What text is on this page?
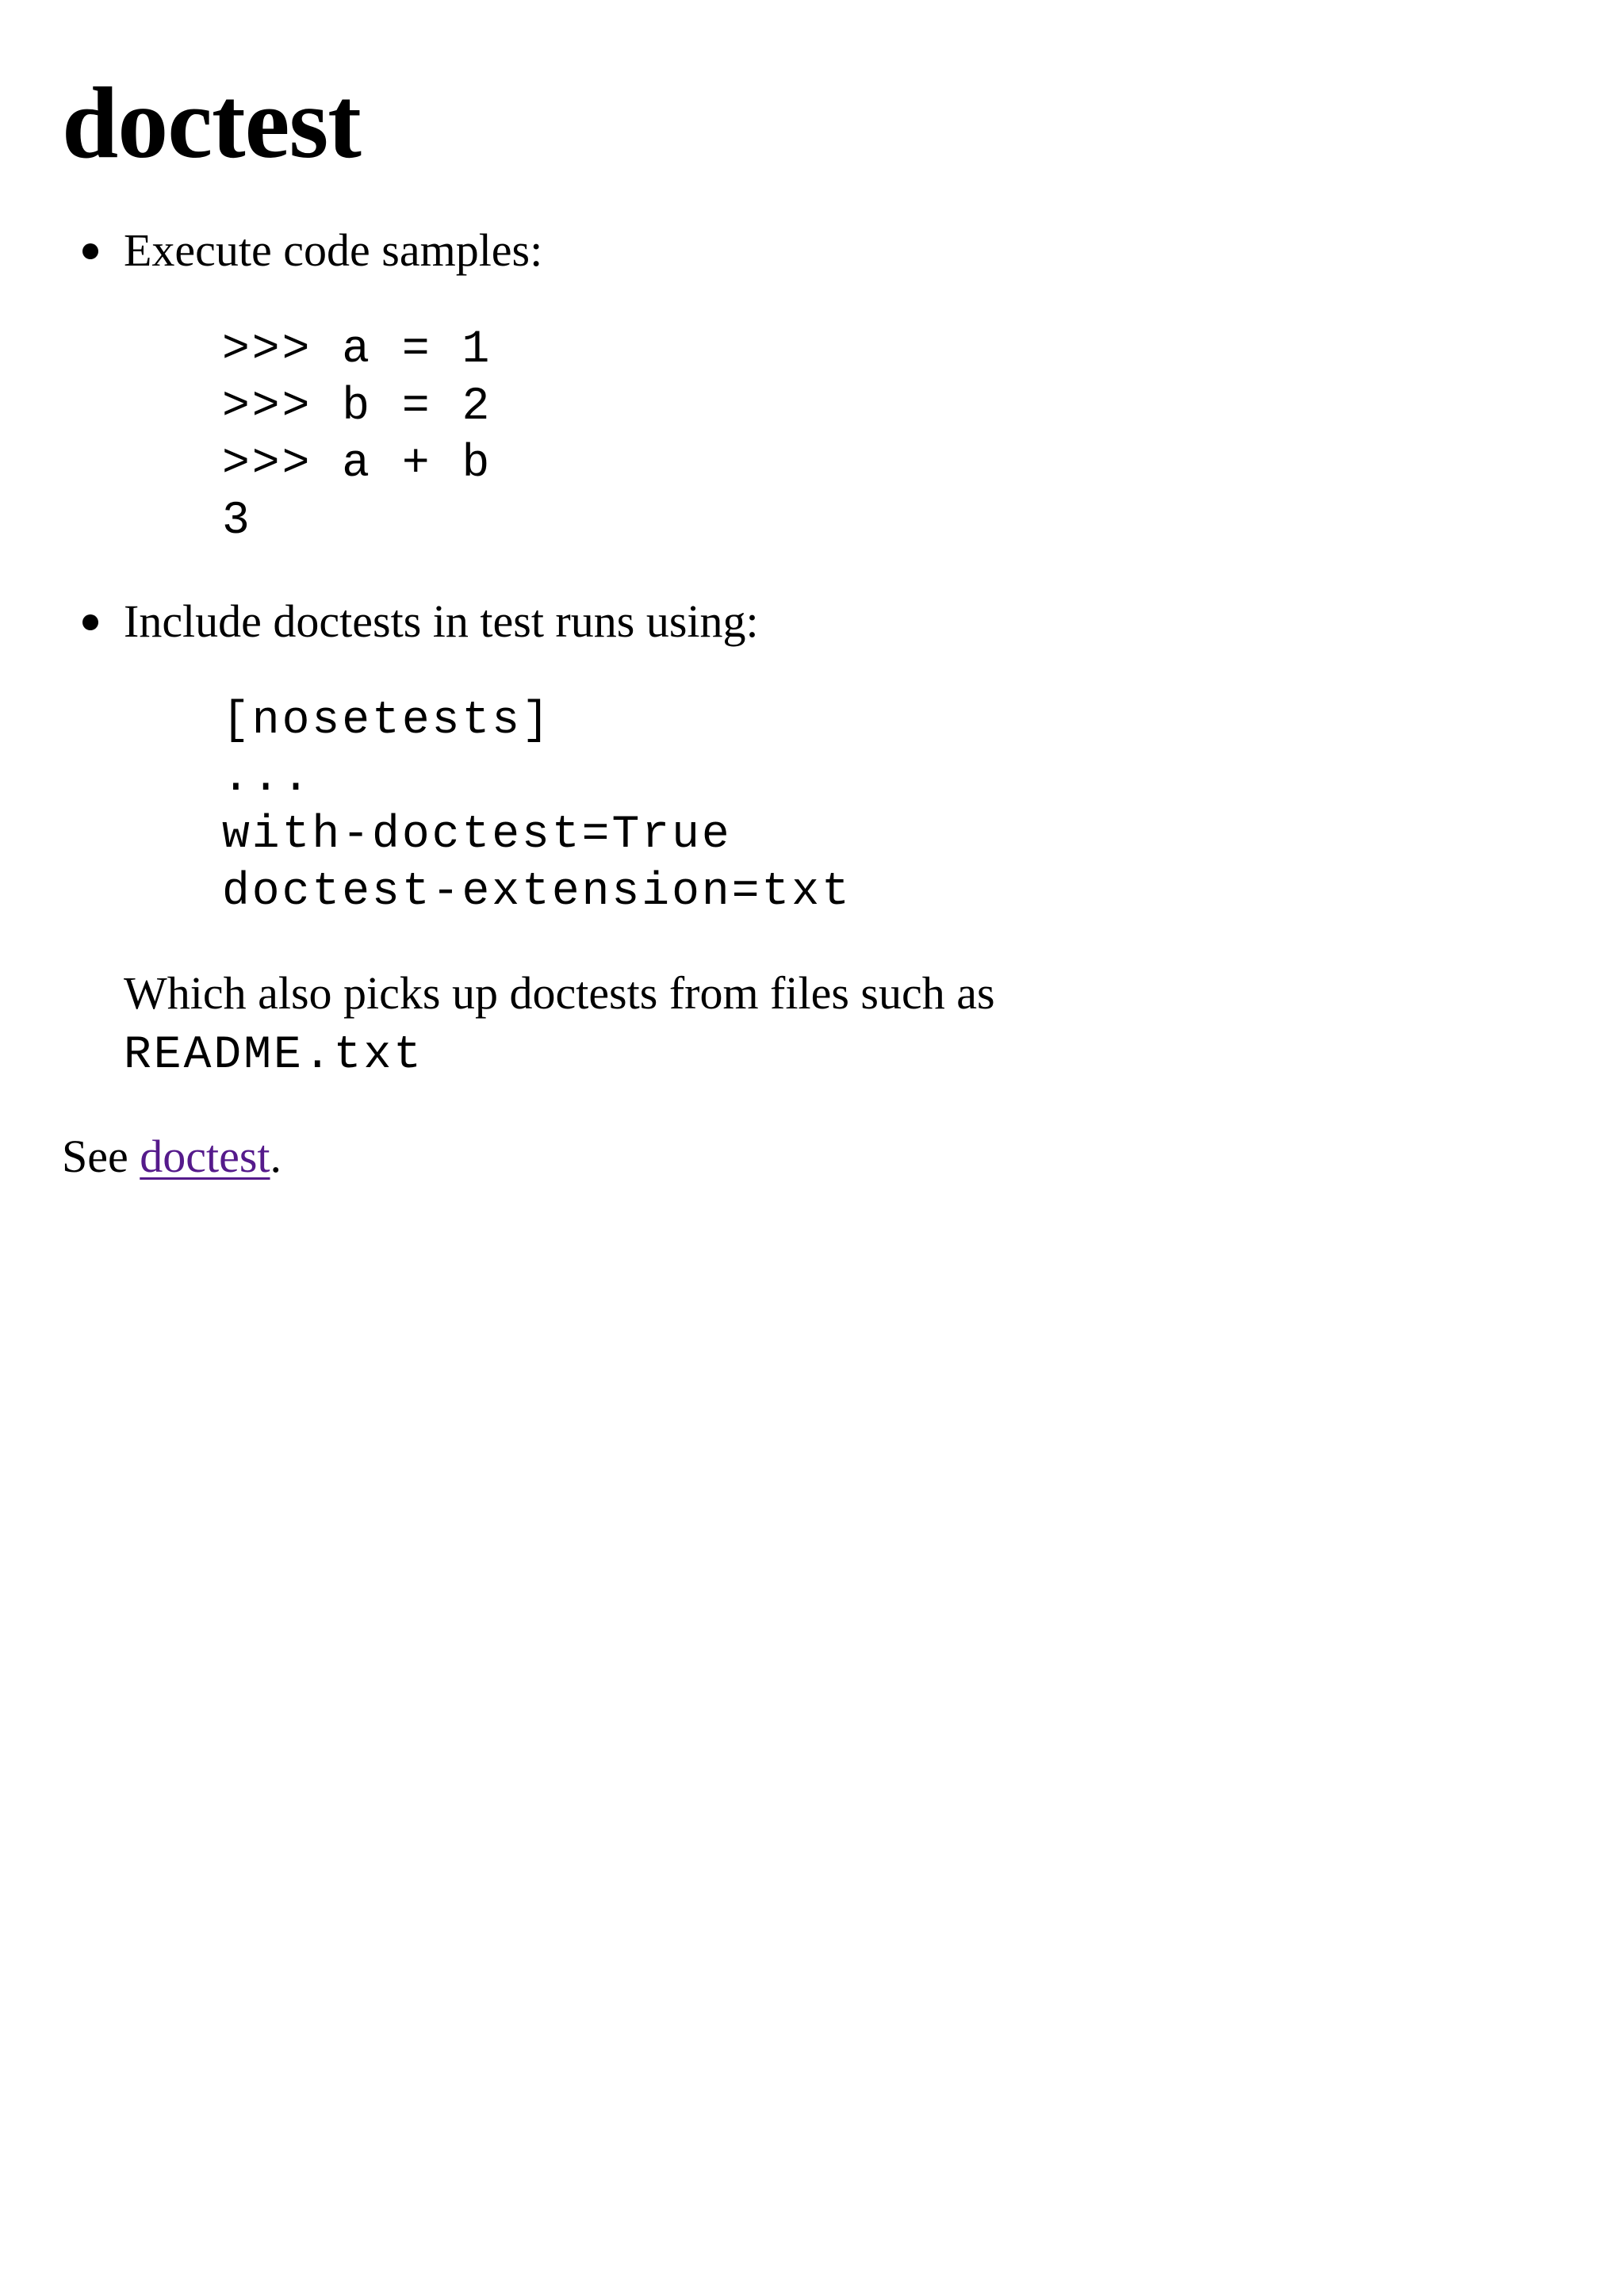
doctest
Execute code samples:
>>> a = 1
>>> b = 2
>>> a + b
3
Include doctests in test runs using:
[nosetests]
...
with-doctest=True
doctest-extension=txt
Which also picks up doctests from files such as
README.txt

See doctest.
